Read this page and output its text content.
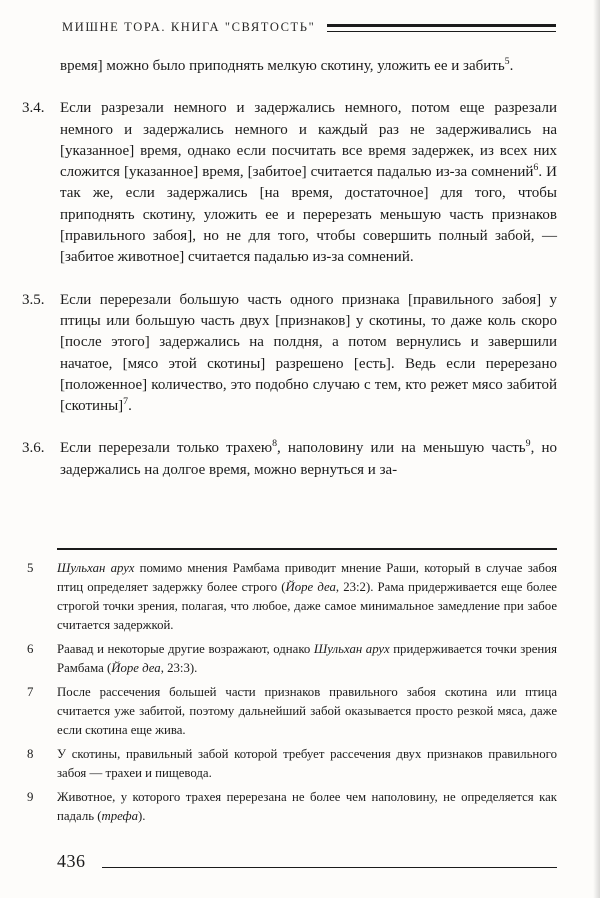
МИШНЕ ТОРА. КНИГА "СВЯТОСТЬ"

время] можно было приподнять мелкую скотину, уложить ее и забить$^5$.

3.4. Если разрезали немного и задержались немного, потом еще разрезали немного и задержались немного и каждый раз не задерживались на [указанное] время, однако если посчитать все время задержек, из всех них сложится [указанное] время, [забитое] считается падалью из-за сомнений$^6$. И так же, если задержались [на время, достаточное] для того, чтобы приподнять скотину, уложить ее и перерезать меньшую часть признаков [правильного забоя], но не для того, чтобы совершить полный забой, — [забитое животное] считается падалью из-за сомнений.

3.5. Если перерезали большую часть одного признака [правильного забоя] у птицы или большую часть двух [признаков] у скотины, то даже коль скоро [после этого] задержались на полдня, а потом вернулись и завершили начатое, [мясо этой скотины] разрешено [есть]. Ведь если перерезано [положенное] количество, это подобно случаю с тем, кто режет мясо забитой [скотины]$^7$.

3.6. Если перерезали только трахею$^8$, наполовину или на меньшую часть$^9$, но задержались на долгое время, можно вернуться и за-

5 Шульхан арух помимо мнения Рамбама приводит мнение Раши, который в случае забоя птиц определяет задержку более строго (Йоре деа, 23:2). Рама придерживается еще более строгой точки зрения, полагая, что любое, даже самое минимальное замедление при забое считается задержкой.
6 Раавад и некоторые другие возражают, однако Шульхан арух придерживается точки зрения Рамбама (Йоре деа, 23:3).
7 После рассечения большей части признаков правильного забоя скотина или птица считается уже забитой, поэтому дальнейший забой оказывается просто резкой мяса, даже если скотина еще жива.
8 У скотины, правильный забой которой требует рассечения двух признаков правильного забоя — трахеи и пищевода.
9 Животное, у которого трахея перерезана не более чем наполовину, не определяется как падаль (трефа).
436
